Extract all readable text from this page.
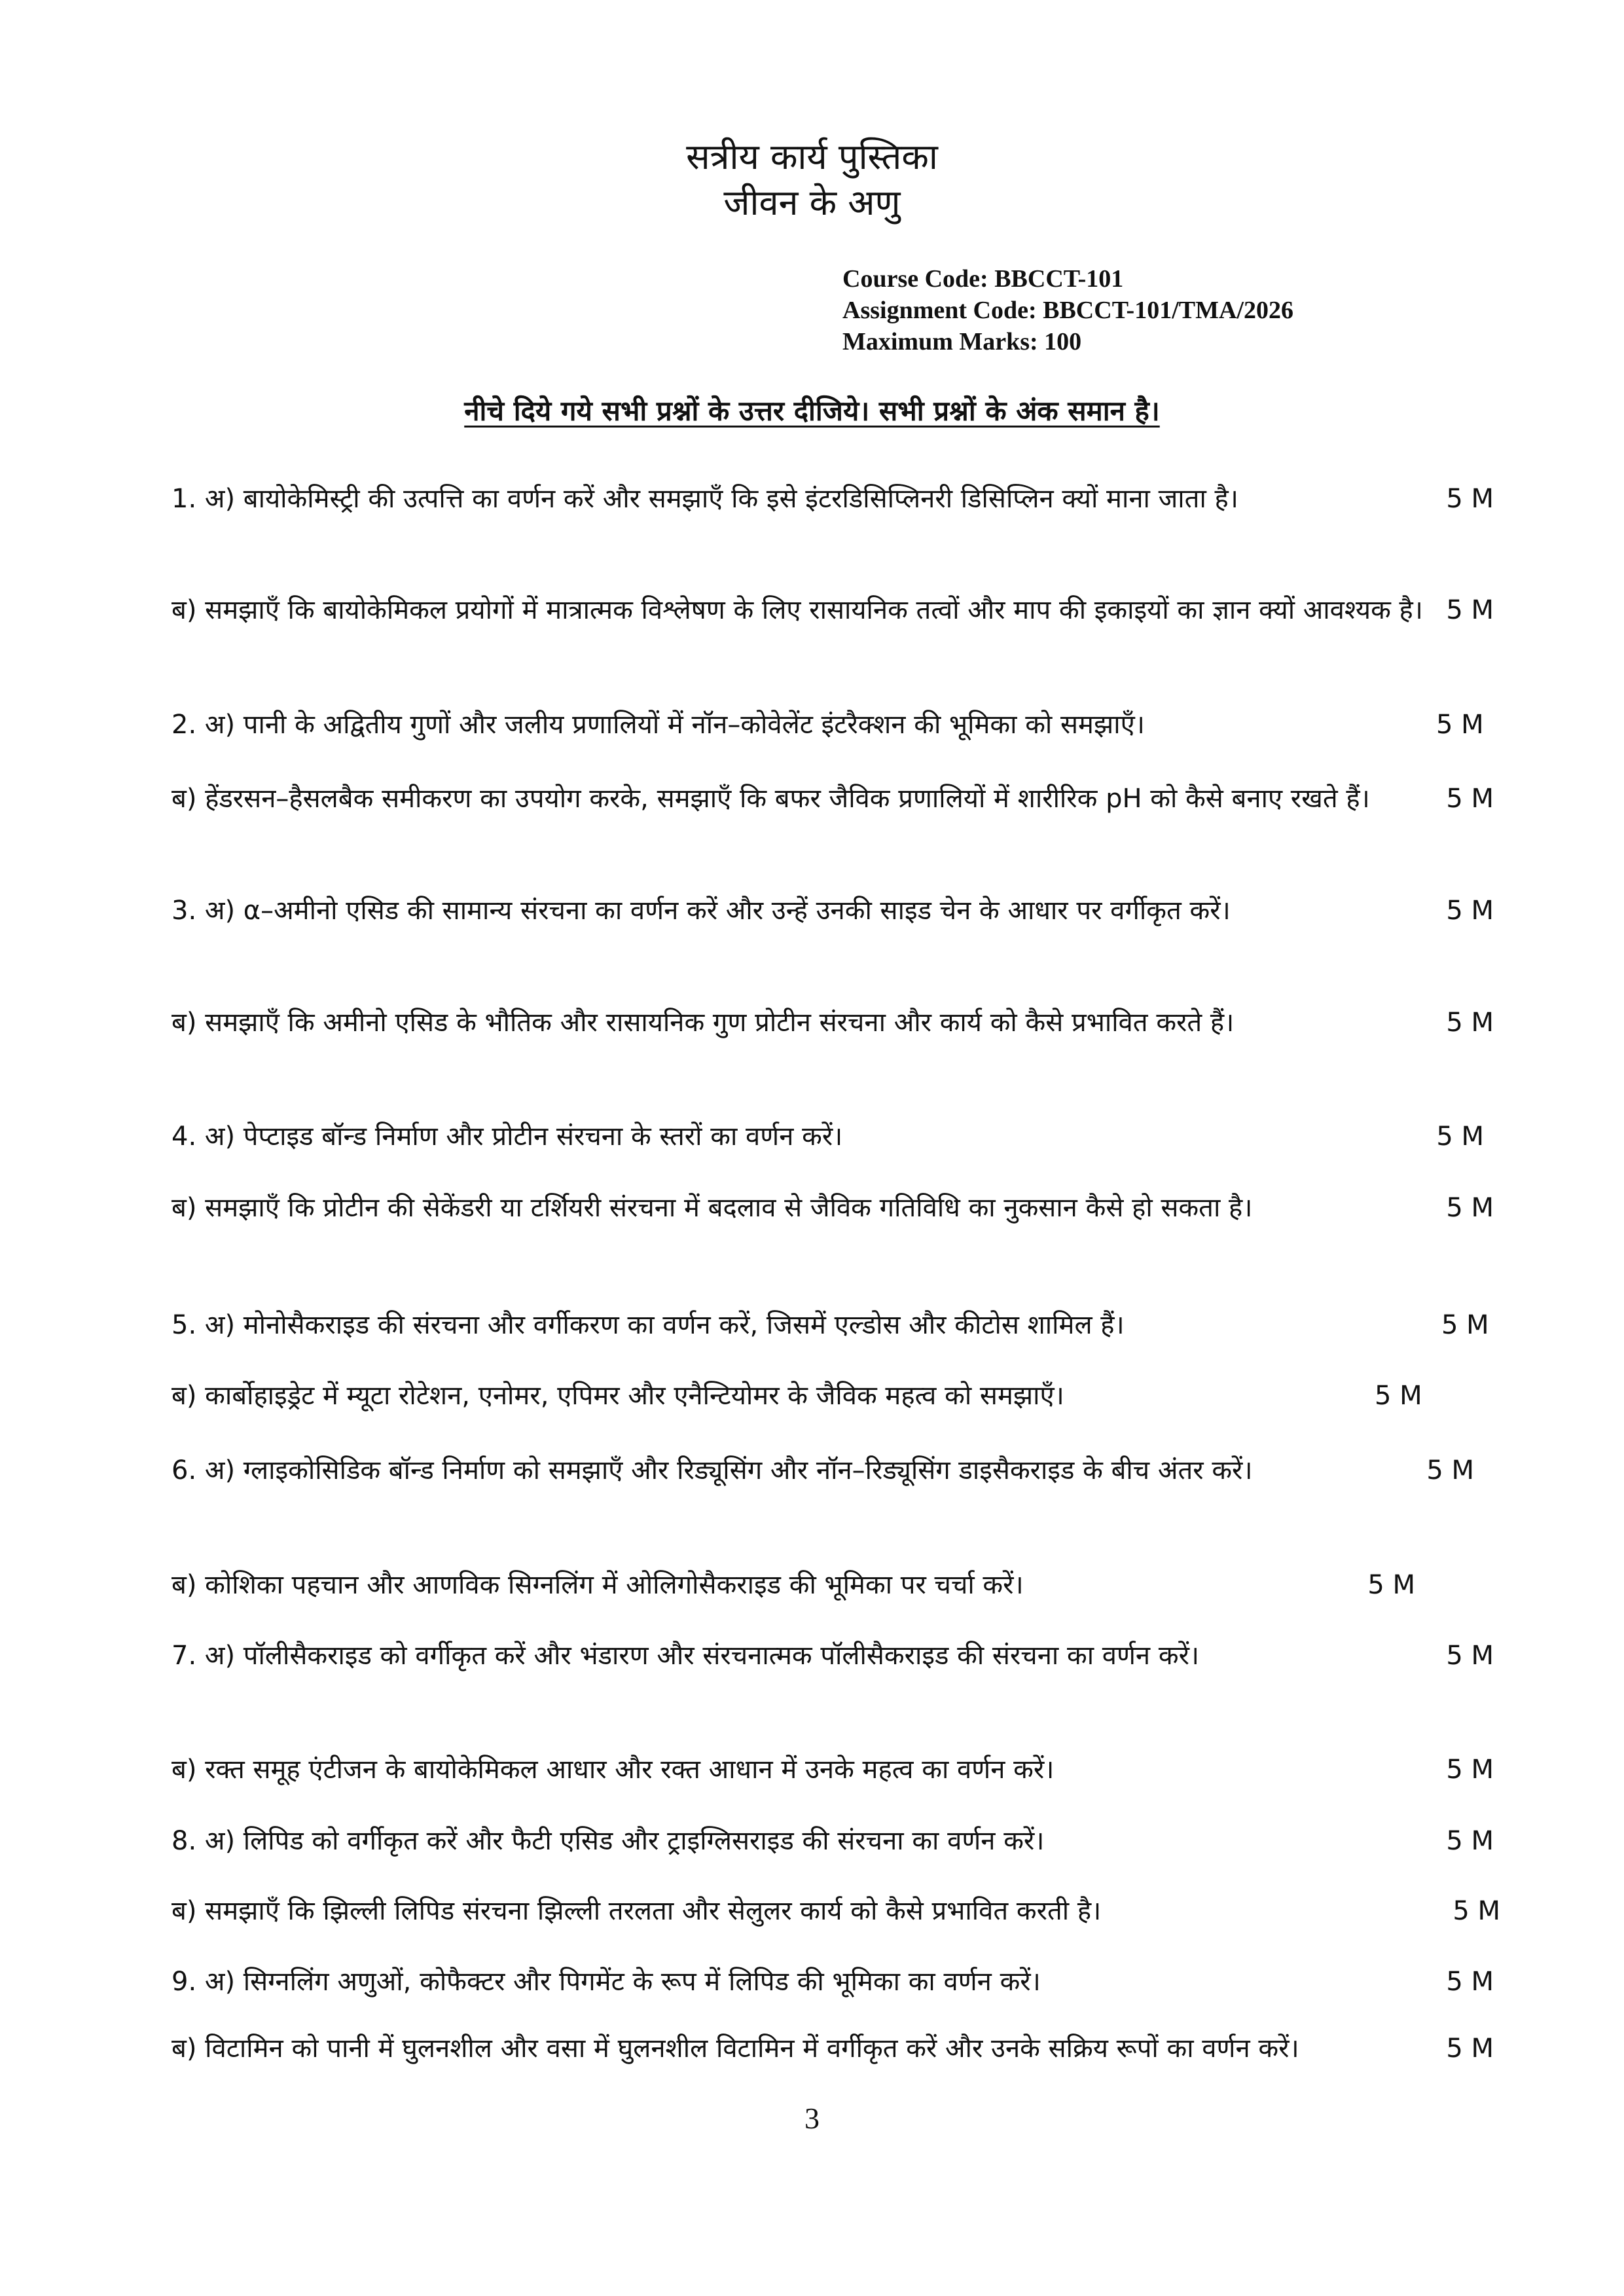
सत्रीय कार्य पुस्तिका
जीवन के अणु
Course Code: BBCCT-101
Assignment Code: BBCCT-101/TMA/2026
Maximum Marks: 100
नीचे दिये गये सभी प्रश्नों के उत्तर दीजिये। सभी प्रश्नों के अंक समान है।
1. अ) बायोकेमिस्ट्री की उत्पत्ति का वर्णन करें और समझाएँ कि इसे इंटरडिसिप्लिनरी डिसिप्लिन क्यों माना जाता है।	5 M
ब) समझाएँ कि बायोकेमिकल प्रयोगों में मात्रात्मक विश्लेषण के लिए रासायनिक तत्वों और माप की इकाइयों का ज्ञान क्यों आवश्यक है। 5 M
2. अ) पानी के अद्वितीय गुणों और जलीय प्रणालियों में नॉन–कोवेलेंट इंटरैक्शन की भूमिका को समझाएँ।	5 M
ब) हेंडरसन–हैसलबैक समीकरण का उपयोग करके, समझाएँ कि बफर जैविक प्रणालियों में शारीरिक pH को कैसे बनाए रखते हैं।	5 M
3. अ) α–अमीनो एसिड की सामान्य संरचना का वर्णन करें और उन्हें उनकी साइड चेन के आधार पर वर्गीकृत करें।	5 M
ब) समझाएँ कि अमीनो एसिड के भौतिक और रासायनिक गुण प्रोटीन संरचना और कार्य को कैसे प्रभावित करते हैं।	5 M
4. अ) पेप्टाइड बॉन्ड निर्माण और प्रोटीन संरचना के स्तरों का वर्णन करें।	5 M
ब) समझाएँ कि प्रोटीन की सेकेंडरी या टर्शियरी संरचना में बदलाव से जैविक गतिविधि का नुकसान कैसे हो सकता है।	5 M
5. अ) मोनोसैकराइड की संरचना और वर्गीकरण का वर्णन करें, जिसमें एल्डोस और कीटोस शामिल हैं।	5 M
ब) कार्बोहाइड्रेट में म्यूटा रोटेशन, एनोमर, एपिमर और एनैन्टियोमर के जैविक महत्व को समझाएँ।	5 M
6. अ) ग्लाइकोसिडिक बॉन्ड निर्माण को समझाएँ और रिड्यूसिंग और नॉन–रिड्यूसिंग डाइसैकराइड के बीच अंतर करें।	5 M
ब) कोशिका पहचान और आणविक सिग्नलिंग में ओलिगोसैकराइड की भूमिका पर चर्चा करें।	5 M
7. अ) पॉलीसैकराइड को वर्गीकृत करें और भंडारण और संरचनात्मक पॉलीसैकराइड की संरचना का वर्णन करें।	5 M
ब) रक्त समूह एंटीजन के बायोकेमिकल आधार और रक्त आधान में उनके महत्व का वर्णन करें।	5 M
8. अ) लिपिड को वर्गीकृत करें और फैटी एसिड और ट्राइग्लिसराइड की संरचना का वर्णन करें।	5 M
ब) समझाएँ कि झिल्ली लिपिड संरचना झिल्ली तरलता और सेलुलर कार्य को कैसे प्रभावित करती है।	5 M
9. अ) सिग्नलिंग अणुओं, कोफैक्टर और पिगमेंट के रूप में लिपिड की भूमिका का वर्णन करें।	5 M
ब) विटामिन को पानी में घुलनशील और वसा में घुलनशील विटामिन में वर्गीकृत करें और उनके सक्रिय रूपों का वर्णन करें।	5 M
3
